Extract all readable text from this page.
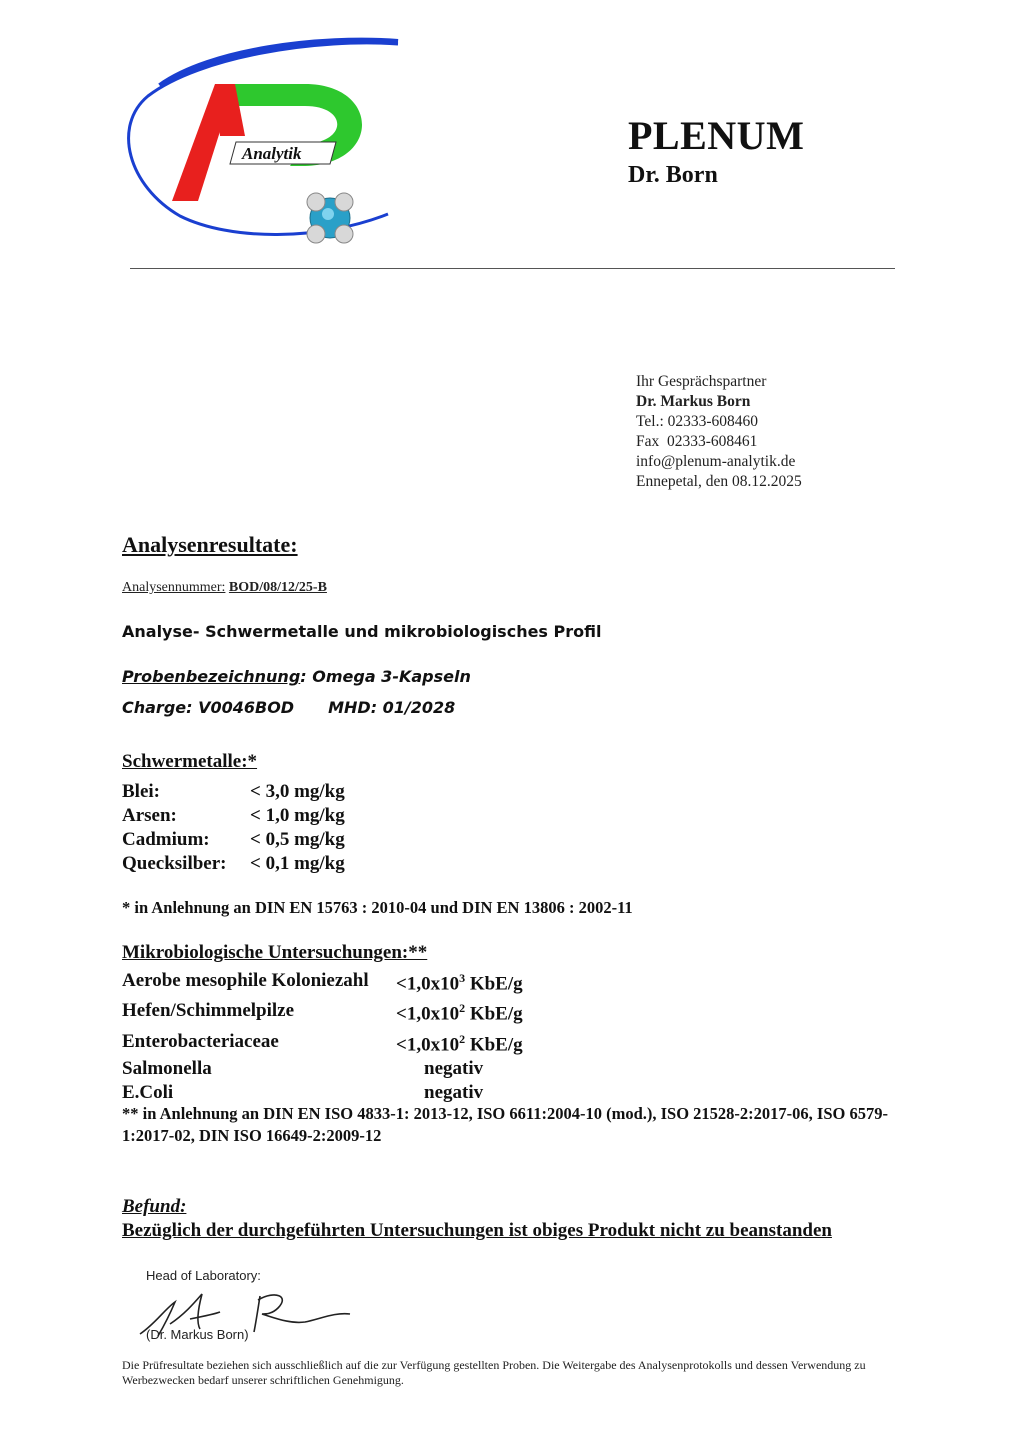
Analytik	PLENUM
Dr. Born
Ihr Gesprächspartner
Dr. Markus Born
Tel.: 02333-608460
Fax  02333-608461
info@plenum-analytik.de
Ennepetal, den 08.12.2025
Analysenresultate:
Analysennummer: BOD/08/12/25-B
Analyse- Schwermetalle und mikrobiologisches Profil
Probenbezeichnung: Omega 3-Kapseln
Charge: V0046BOD MHD: 01/2028
Schwermetalle:*
Blei:	< 3,0 mg/kg
Arsen:	< 1,0 mg/kg
Cadmium:	< 0,5 mg/kg
Quecksilber:	< 0,1 mg/kg
* in Anlehnung an DIN EN 15763 : 2010-04 und DIN EN 13806 : 2002-11
Mikrobiologische Untersuchungen:**
Aerobe mesophile Koloniezahl	$<1,0x10^3$ KbE/g
Hefen/Schimmelpilze	$<1,0x10^2$ KbE/g
Enterobacteriaceae	$<1,0x10^2$ KbE/g
Salmonella	negativ
E.Coli	negativ
** in Anlehnung an DIN EN ISO 4833-1: 2013-12, ISO 6611:2004-10 (mod.), ISO 21528-2:2017-06, ISO 6579-1:2017-02, DIN ISO 16649-2:2009-12
Befund:
Bezüglich der durchgeführten Untersuchungen ist obiges Produkt nicht zu beanstanden
Head of Laboratory:
(Dr. Markus Born)
Die Prüfresultate beziehen sich ausschließlich auf die zur Verfügung gestellten Proben. Die Weitergabe des Analysenprotokolls und dessen Verwendung zu Werbezwecken bedarf unserer schriftlichen Genehmigung.
